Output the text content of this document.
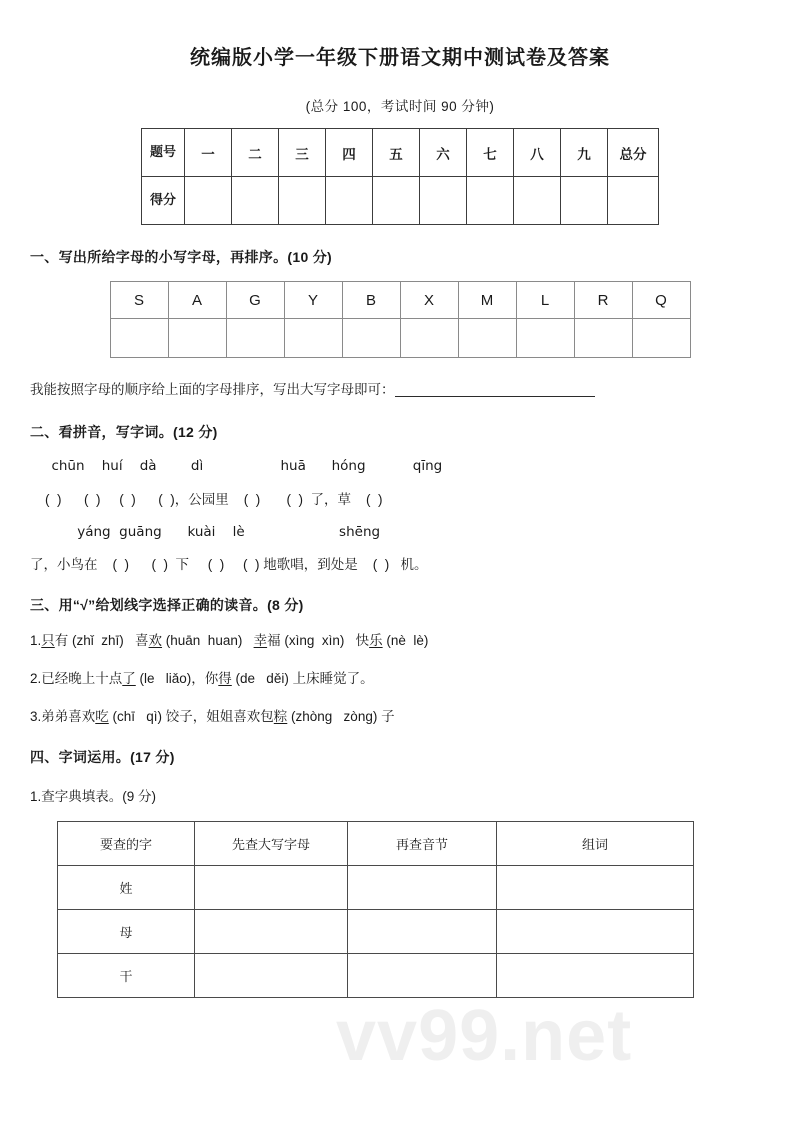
vv99.net
统编版小学一年级下册语文期中测试卷及答案

(总分 100，考试时间 90 分钟)

题号	一	二	三	四	五	六	七	八	九	总分
得分										

一、写出所给字母的小写字母，再排序。(10 分)

S	A	G	Y	B	X	M	L	R	Q

我能按照字母的顺序给上面的字母排序，写出大写字母即可：

二、看拼音，写字词。(12 分)

chūn    huí    dà        dì                  huā      hóng           qīng

(  )      (  )     (  )      (  )，公园里    (  )       (  )  了，草    (  )

yáng  guāng      kuài    lè                      shēng

了，小鸟在    (  )      (  )  下     (  )     (  ) 地歌唱，到处是    (  )   机。

三、用“√”给划线字选择正确的读音。(8 分)

1.只有 (zhǐ  zhī)   喜欢 (huān  huan)   幸福 (xìng  xìn)   快乐 (nè  lè)

2.已经晚上十点了 (le   liǎo)，你得 (de   děi) 上床睡觉了。

3.弟弟喜欢吃 (chī   qì) 饺子，姐姐喜欢包粽 (zhòng   zòng) 子

四、字词运用。(17 分)

1.查字典填表。(9 分)

要查的字	先查大写字母	再查音节	组词
姓			
母			
干			
